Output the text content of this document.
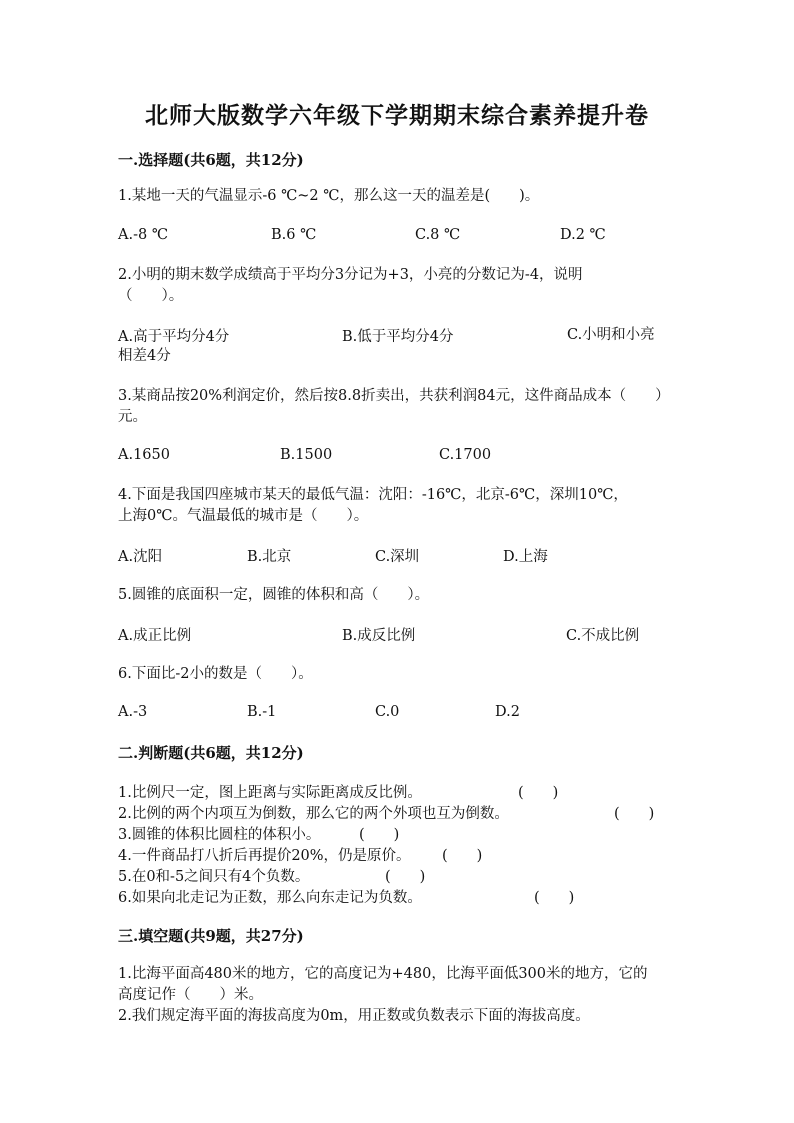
北师大版数学六年级下学期期末综合素养提升卷
一.选择题(共6题，共12分)
1.某地一天的气温显示-6 ℃~2 ℃，那么这一天的温差是(　　)。
A.-8 ℃	B.6 ℃	C.8 ℃	D.2 ℃
2.小明的期末数学成绩高于平均分3分记为+3，小亮的分数记为-4，说明（　　）。
A.高于平均分4分	B.低于平均分4分	C.小明和小亮相差4分
3.某商品按20%利润定价，然后按8.8折卖出，共获利润84元，这件商品成本（　　）元。
A.1650	B.1500	C.1700
4.下面是我国四座城市某天的最低气温：沈阳：-16℃，北京-6℃，深圳10℃，上海0℃。气温最低的城市是（　　）。
A.沈阳	B.北京	C.深圳	D.上海
5.圆锥的底面积一定，圆锥的体积和高（　　）。
A.成正比例	B.成反比例	C.不成比例
6.下面比-2小的数是（　　）。
A.-3	B.-1	C.0	D.2
二.判断题(共6题，共12分)
1.比例尺一定，图上距离与实际距离成反比例。	(　　)
2.比例的两个内项互为倒数，那么它的两个外项也互为倒数。	(　　)
3.圆锥的体积比圆柱的体积小。	(　　)
4.一件商品打八折后再提价20%，仍是原价。 (　　)
5.在0和-5之间只有4个负数。	(　　)
6.如果向北走记为正数，那么向东走记为负数。	(　　)
三.填空题(共9题，共27分)
1.比海平面高480米的地方，它的高度记为+480，比海平面低300米的地方，它的高度记作（　　）米。
2.我们规定海平面的海拔高度为0m，用正数或负数表示下面的海拔高度。
